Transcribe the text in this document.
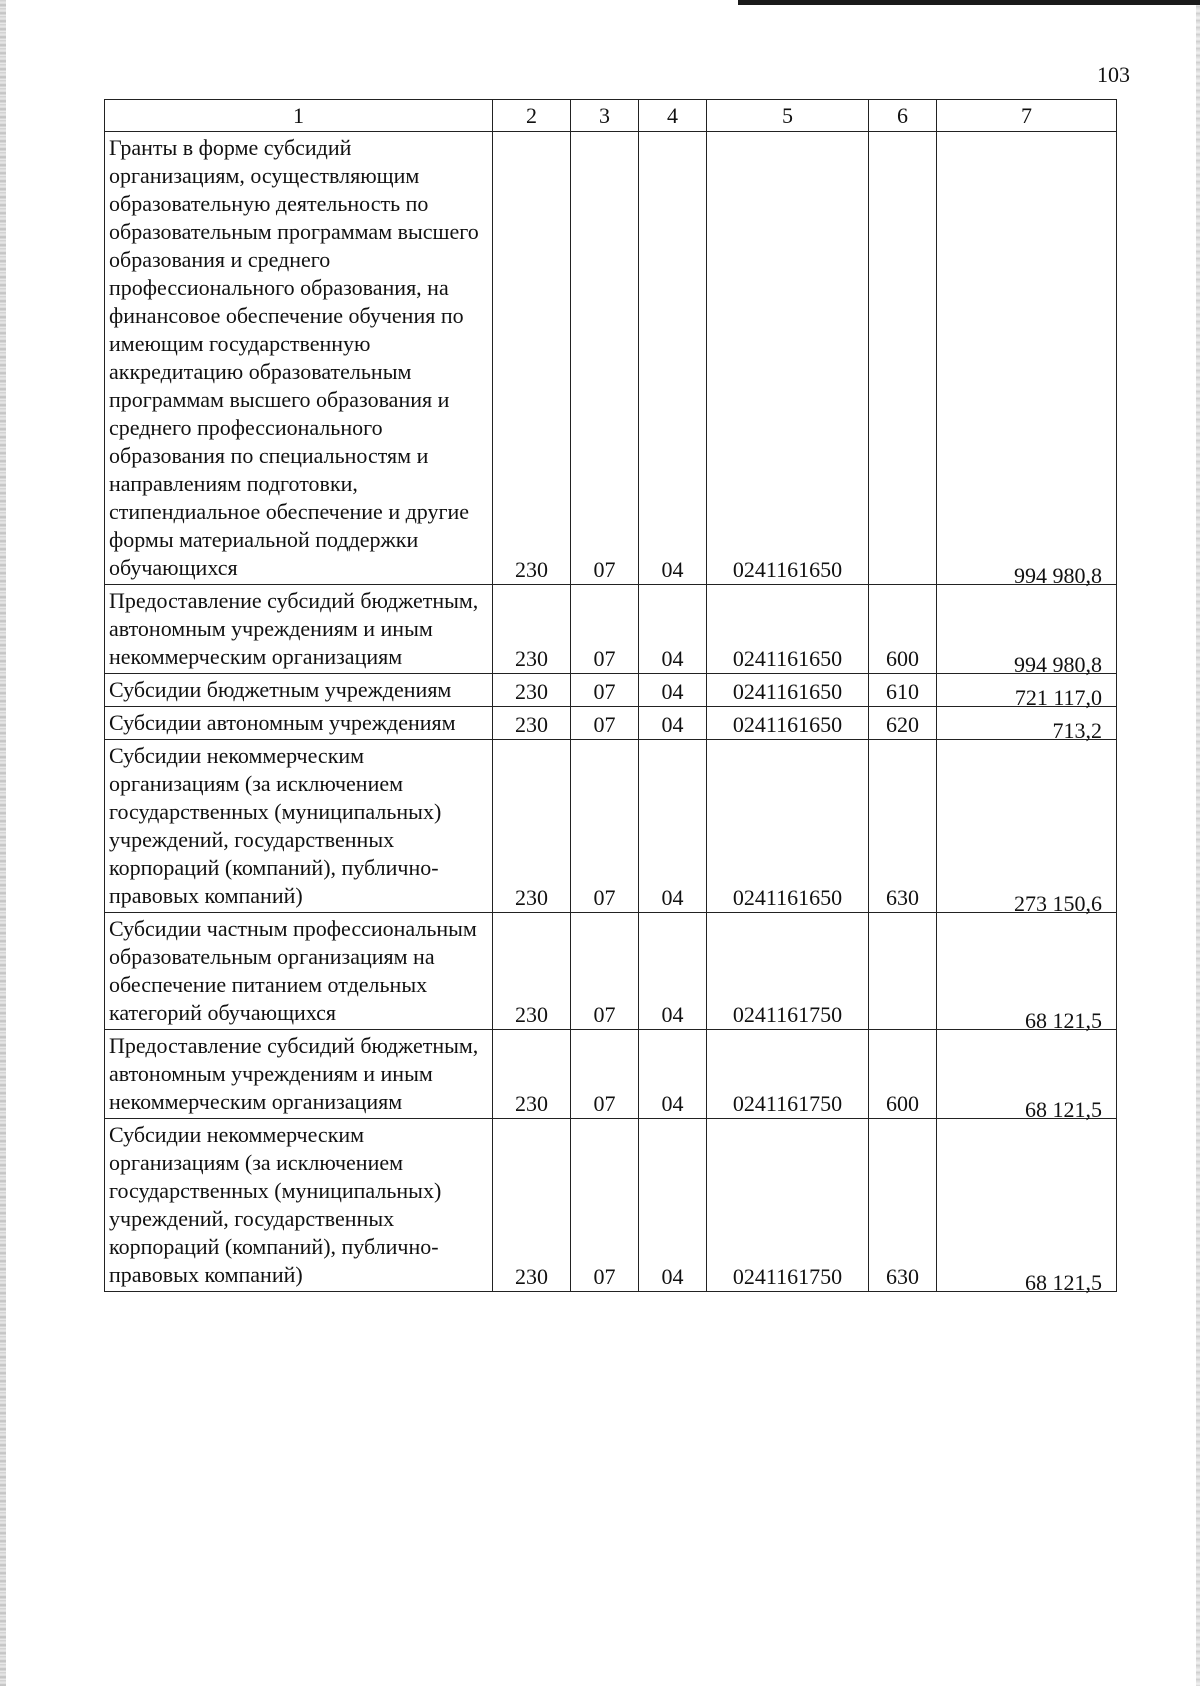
103
1	2	3	4	5	6	7
Гранты в форме субсидий организациям, осуществляющим образовательную деятельность по образовательным программам высшего образования и среднего профессионального образования, на финансовое обеспечение обучения по имеющим государственную аккредитацию образовательным программам высшего образования и среднего профессионального образования по специальностям и направлениям подготовки, стипендиальное обеспечение и другие формы материальной поддержки обучающихся	230	07	04	0241161650		994 980,8
Предоставление субсидий бюджетным, автономным учреждениям и иным некоммерческим организациям	230	07	04	0241161650	600	994 980,8
Субсидии бюджетным учреждениям	230	07	04	0241161650	610	721 117,0
Субсидии автономным учреждениям	230	07	04	0241161650	620	713,2
Субсидии некоммерческим организациям (за исключением государственных (муниципальных) учреждений, государственных корпораций (компаний), публично-правовых компаний)	230	07	04	0241161650	630	273 150,6
Субсидии частным профессиональным образовательным организациям на обеспечение питанием отдельных категорий обучающихся	230	07	04	0241161750		68 121,5
Предоставление субсидий бюджетным, автономным учреждениям и иным некоммерческим организациям	230	07	04	0241161750	600	68 121,5
Субсидии некоммерческим организациям (за исключением государственных (муниципальных) учреждений, государственных корпораций (компаний), публично-правовых компаний)	230	07	04	0241161750	630	68 121,5
